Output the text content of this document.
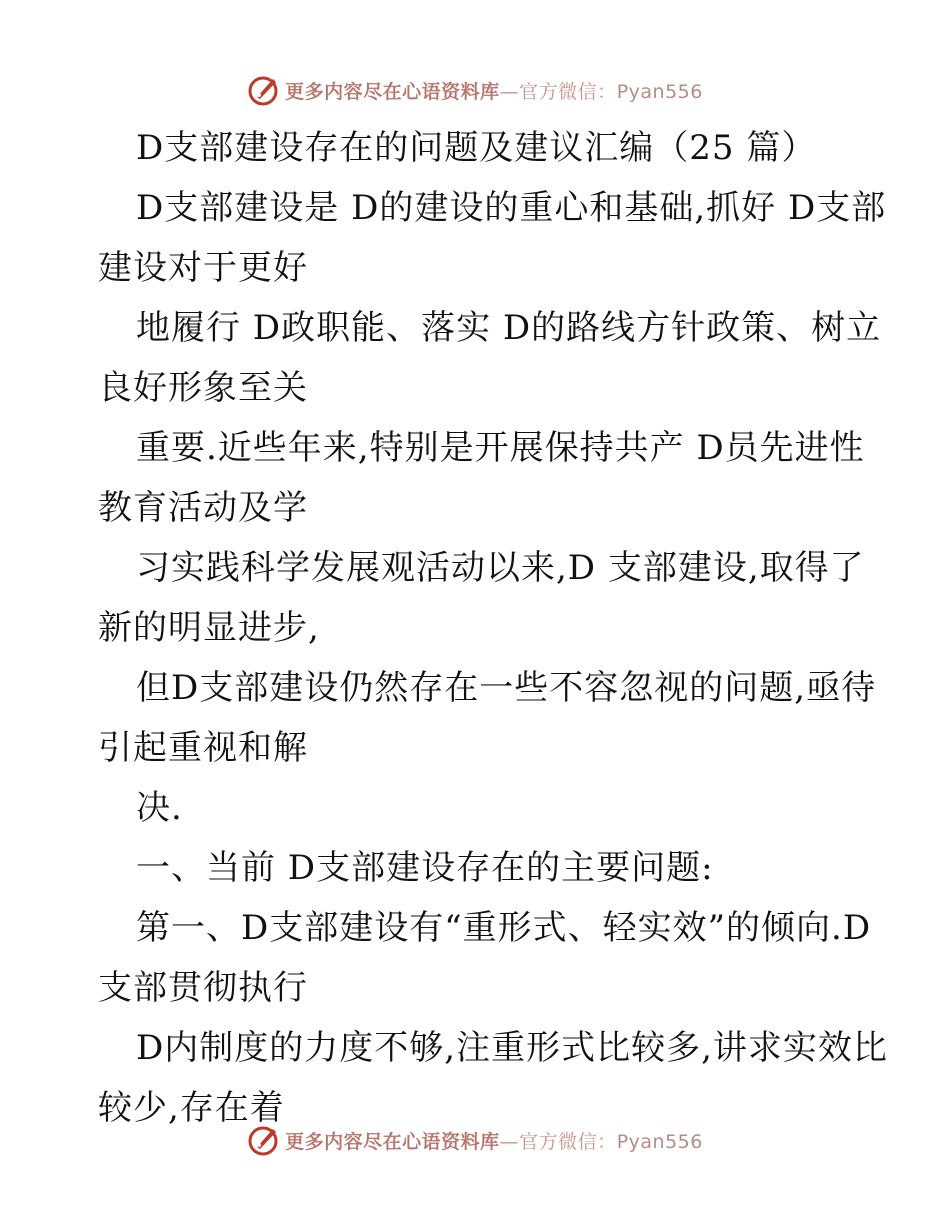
更多内容尽在心语资料库—官方微信：Pyan556

D支部建设存在的问题及建议汇编（25 篇）

D支部建设是 D的建设的重心和基础,抓好 D支部建设对于更好

地履行 D政职能、落实 D的路线方针政策、树立良好形象至关

重要.近些年来,特别是开展保持共产 D员先进性教育活动及学

习实践科学发展观活动以来,D 支部建设,取得了新的明显进步,

但D支部建设仍然存在一些不容忽视的问题,亟待引起重视和解

决.

一、当前 D支部建设存在的主要问题:

第一、D支部建设有“重形式、轻实效”的倾向.D 支部贯彻执行

D内制度的力度不够,注重形式比较多,讲求实效比较少,存在着

更多内容尽在心语资料库—官方微信：Pyan556
